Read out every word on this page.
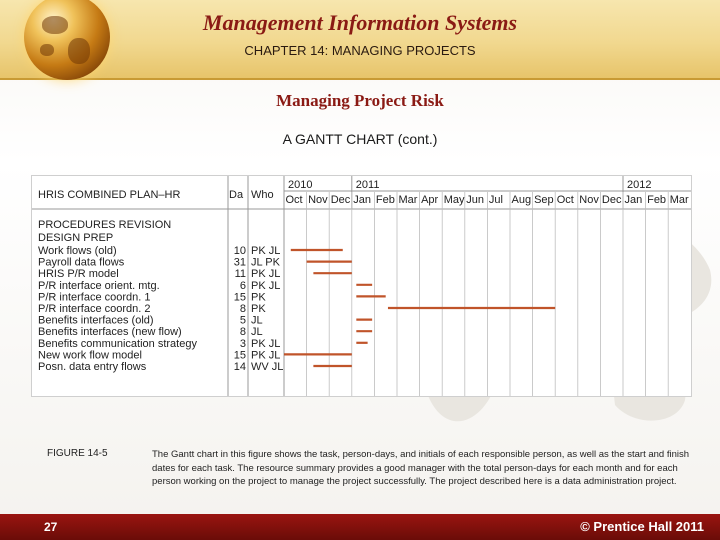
Management Information Systems
CHAPTER 14: MANAGING PROJECTS
Managing Project Risk
A GANTT CHART (cont.)
HRIS COMBINED PLAN–HR	Da Who
PROCEDURES REVISION
DESIGN PREP
2010	2011	2012
Oct Nov Dec Jan Feb Mar Apr May Jun Jul Aug Sep Oct Nov Dec Jan Feb Mar
Work flows (old)	10 PK JL
Payroll data flows	31 JL PK
HRIS P/R model	11 PK JL
P/R interface orient. mtg.	6 PK JL
P/R interface coordn. 1	15 PK
P/R interface coordn. 2	8 PK
Benefits interfaces (old)	5 JL
Benefits interfaces (new flow)	8 JL
Benefits communication strategy	3 PK JL
New work flow model	15 PK JL
Posn. data entry flows	14 WV JL
FIGURE 14-5	The Gantt chart in this figure shows the task, person-days, and initials of each responsible person, as well as the start and finish dates for each task. The resource summary provides a good manager with the total person-days for each month and for each person working on the project to manage the project successfully. The project described here is a data administration project.
27	© Prentice Hall 2011
